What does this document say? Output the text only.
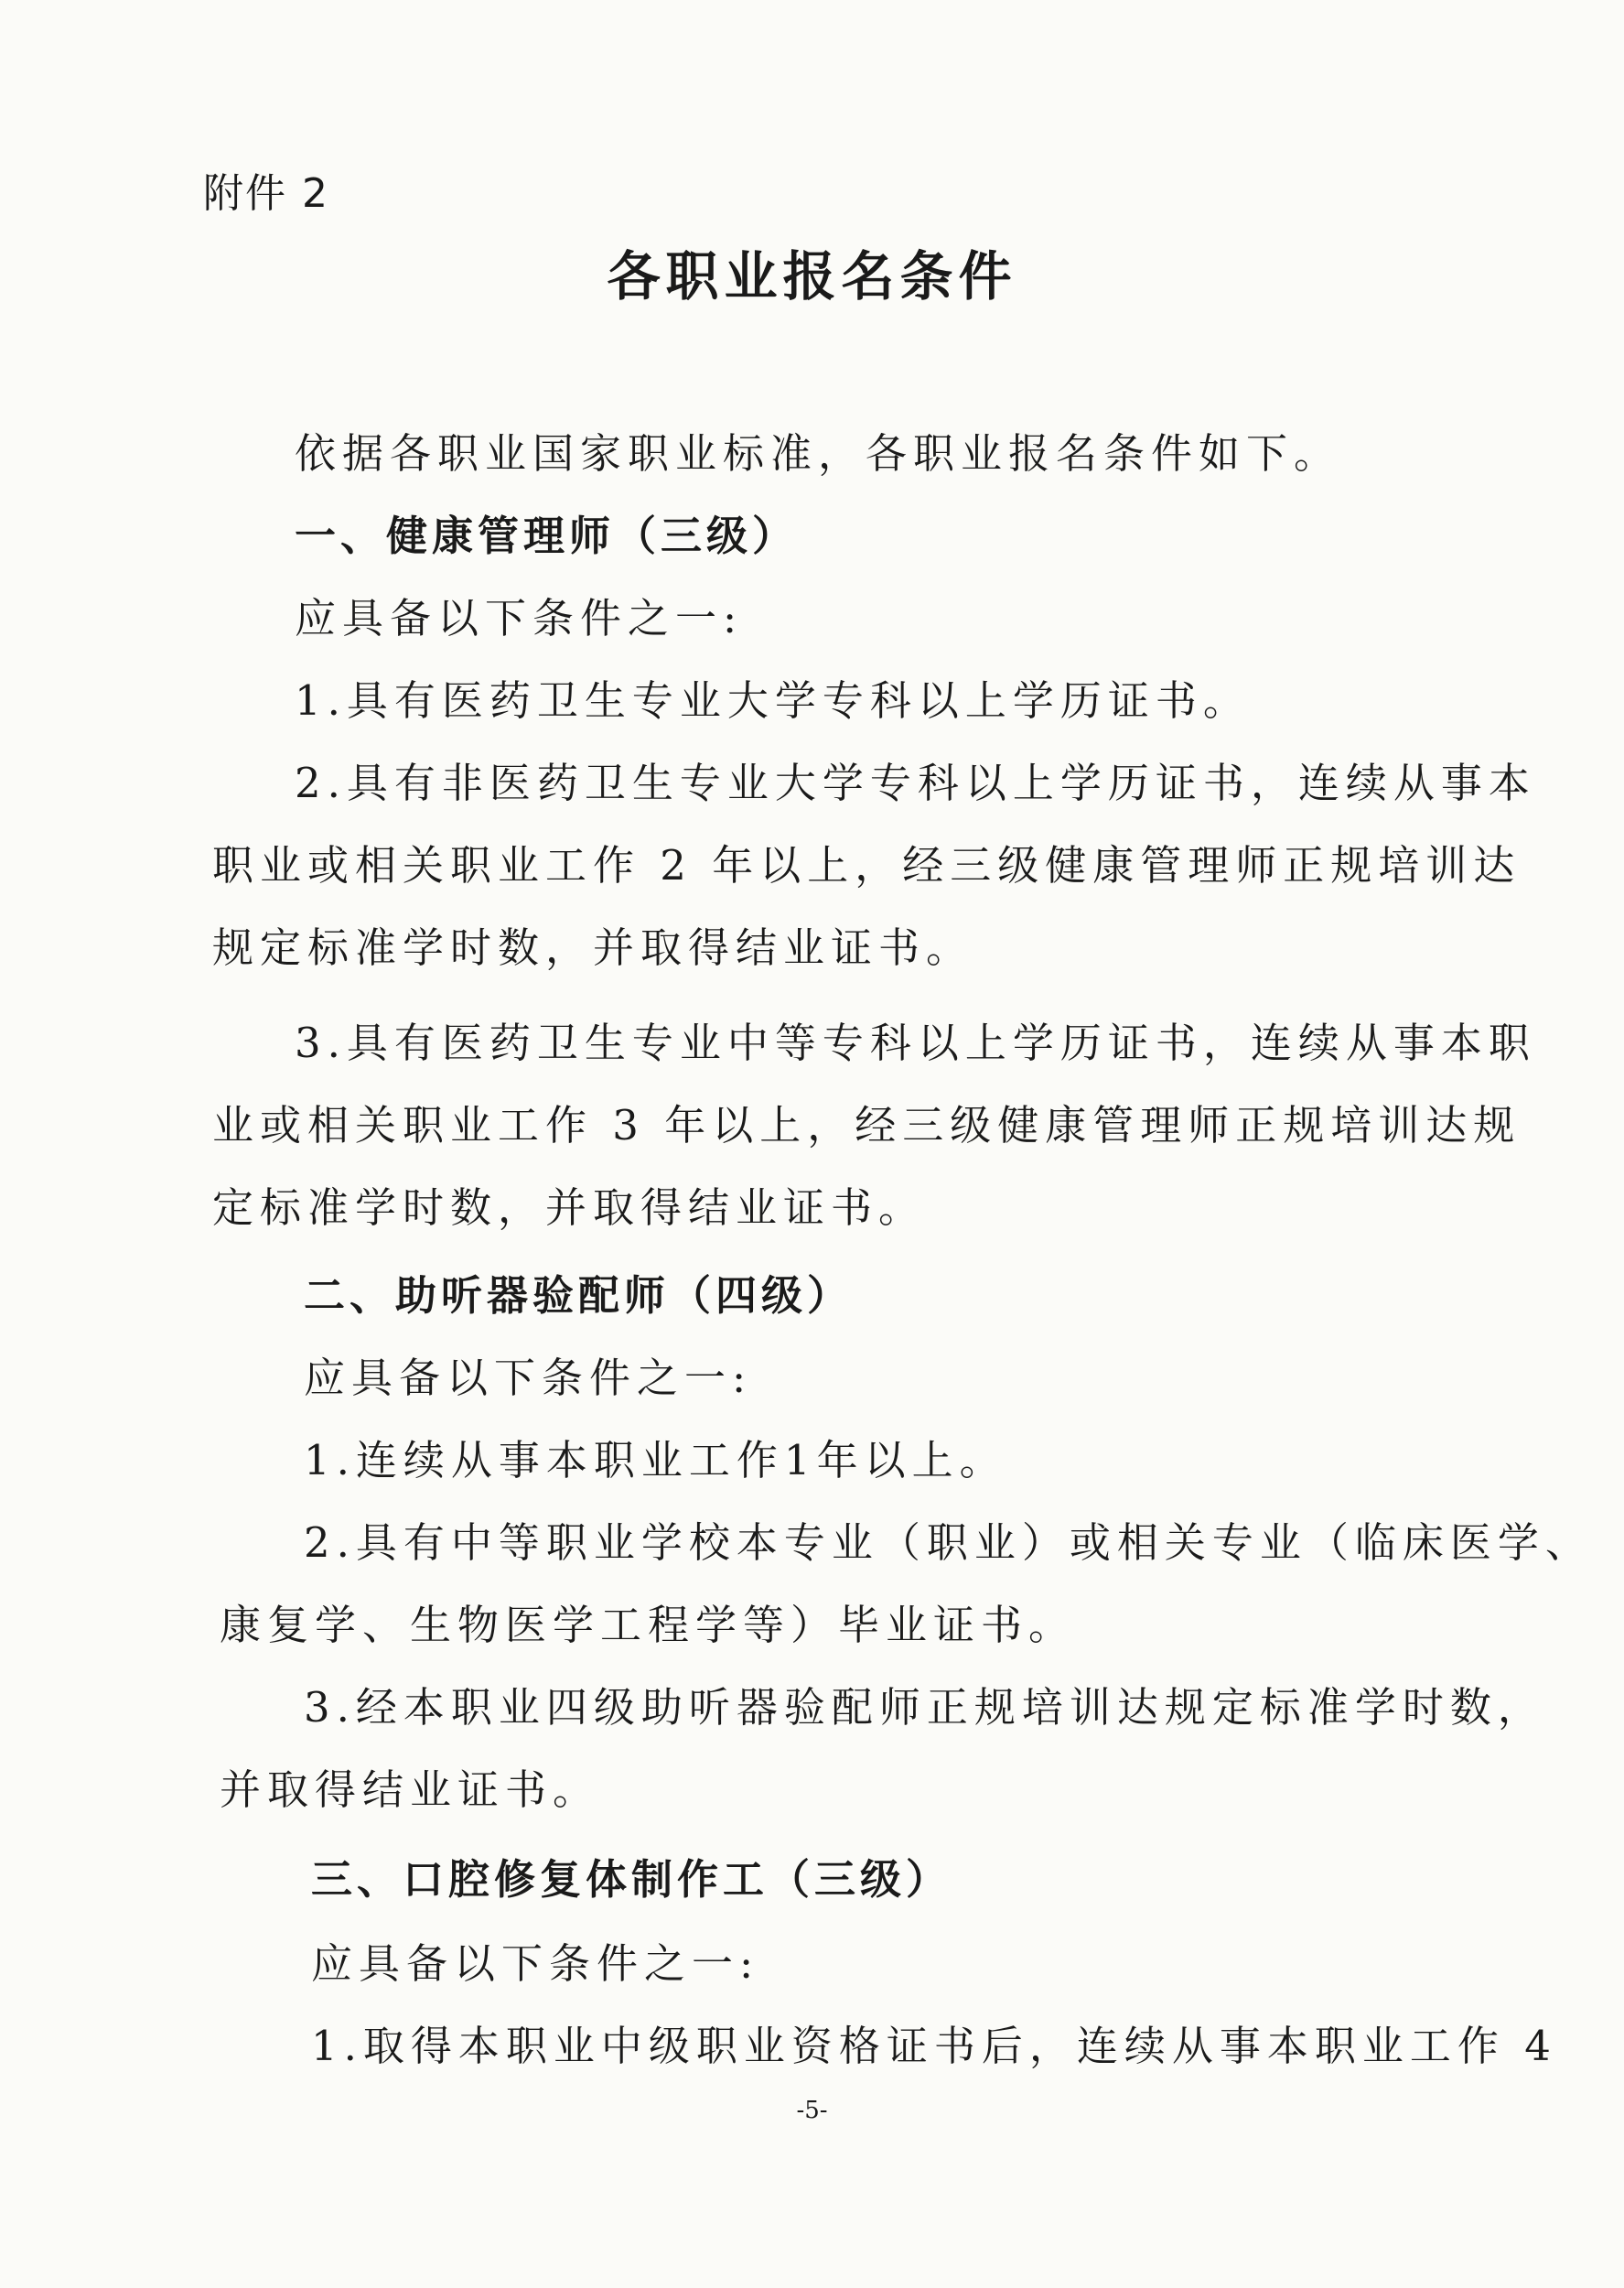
附件 2
各职业报名条件
依据各职业国家职业标准，各职业报名条件如下。
一、健康管理师（三级）
应具备以下条件之一:
1.具有医药卫生专业大学专科以上学历证书。
2.具有非医药卫生专业大学专科以上学历证书，连续从事本
职业或相关职业工作 2 年以上，经三级健康管理师正规培训达
规定标准学时数，并取得结业证书。
3.具有医药卫生专业中等专科以上学历证书，连续从事本职
业或相关职业工作 3 年以上，经三级健康管理师正规培训达规
定标准学时数，并取得结业证书。
二、助听器验配师（四级）
应具备以下条件之一:
1.连续从事本职业工作1年以上。
2.具有中等职业学校本专业（职业）或相关专业（临床医学、
康复学、生物医学工程学等）毕业证书。
3.经本职业四级助听器验配师正规培训达规定标准学时数，
并取得结业证书。
三、口腔修复体制作工（三级）
应具备以下条件之一:
1.取得本职业中级职业资格证书后，连续从事本职业工作 4
-5-
